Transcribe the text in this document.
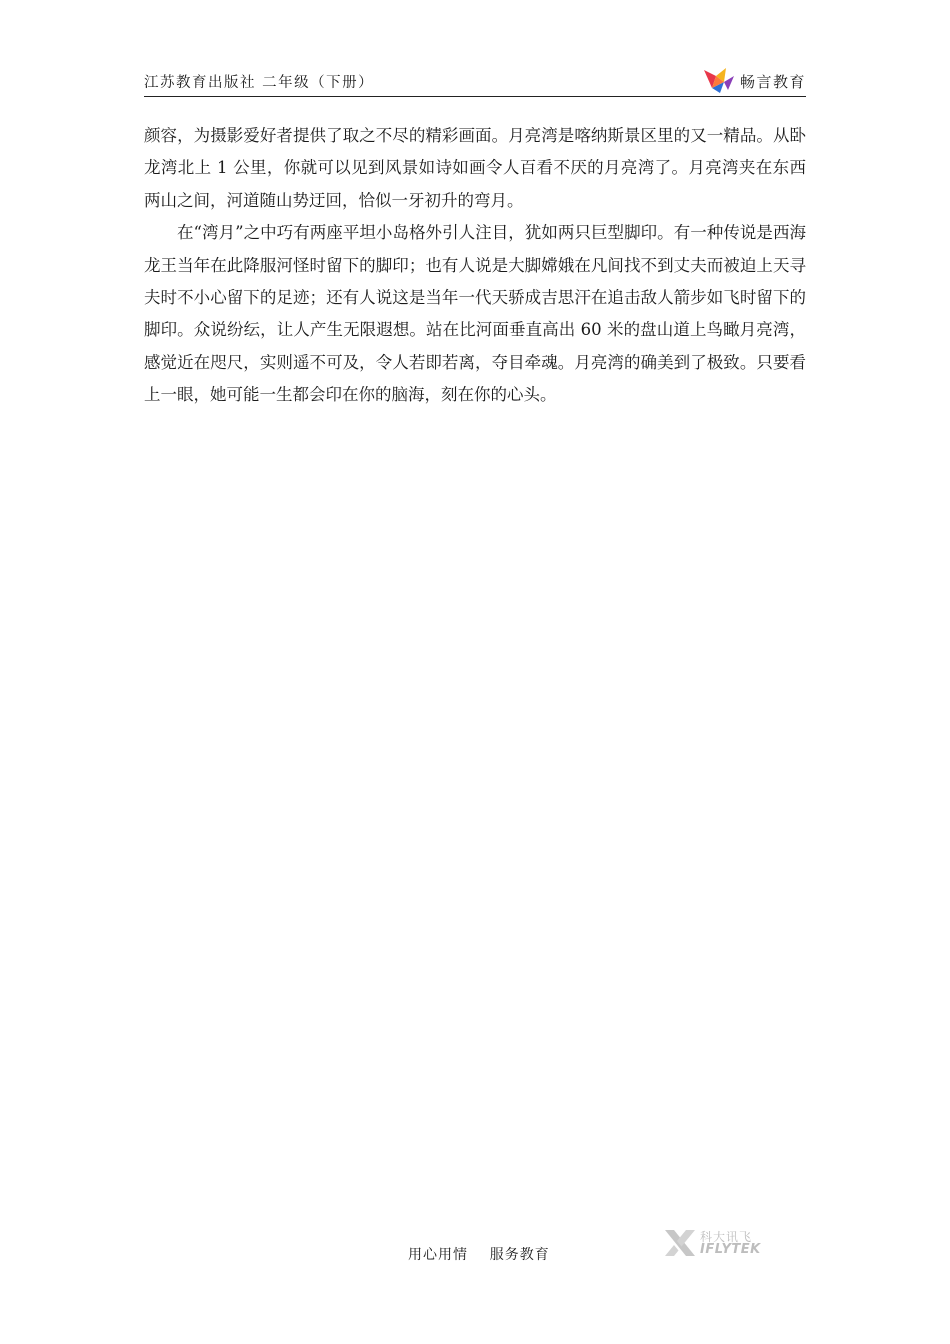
江苏教育出版社 二年级（下册）	畅言教育

颜容，为摄影爱好者提供了取之不尽的精彩画面。月亮湾是喀纳斯景区里的又一精品。从卧龙湾北上 1 公里，你就可以见到风景如诗如画令人百看不厌的月亮湾了。月亮湾夹在东西两山之间，河道随山势迂回，恰似一牙初升的弯月。

在“湾月”之中巧有两座平坦小岛格外引人注目，犹如两只巨型脚印。有一种传说是西海龙王当年在此降服河怪时留下的脚印；也有人说是大脚嫦娥在凡间找不到丈夫而被迫上天寻夫时不小心留下的足迹；还有人说这是当年一代天骄成吉思汗在追击敌人箭步如飞时留下的脚印。众说纷纭，让人产生无限遐想。站在比河面垂直高出 60 米的盘山道上鸟瞰月亮湾，感觉近在咫尺，实则遥不可及，令人若即若离，夺目牵魂。月亮湾的确美到了极致。只要看上一眼，她可能一生都会印在你的脑海，刻在你的心头。

用心用情    服务教育
科大讯飞
IFLYTEK
